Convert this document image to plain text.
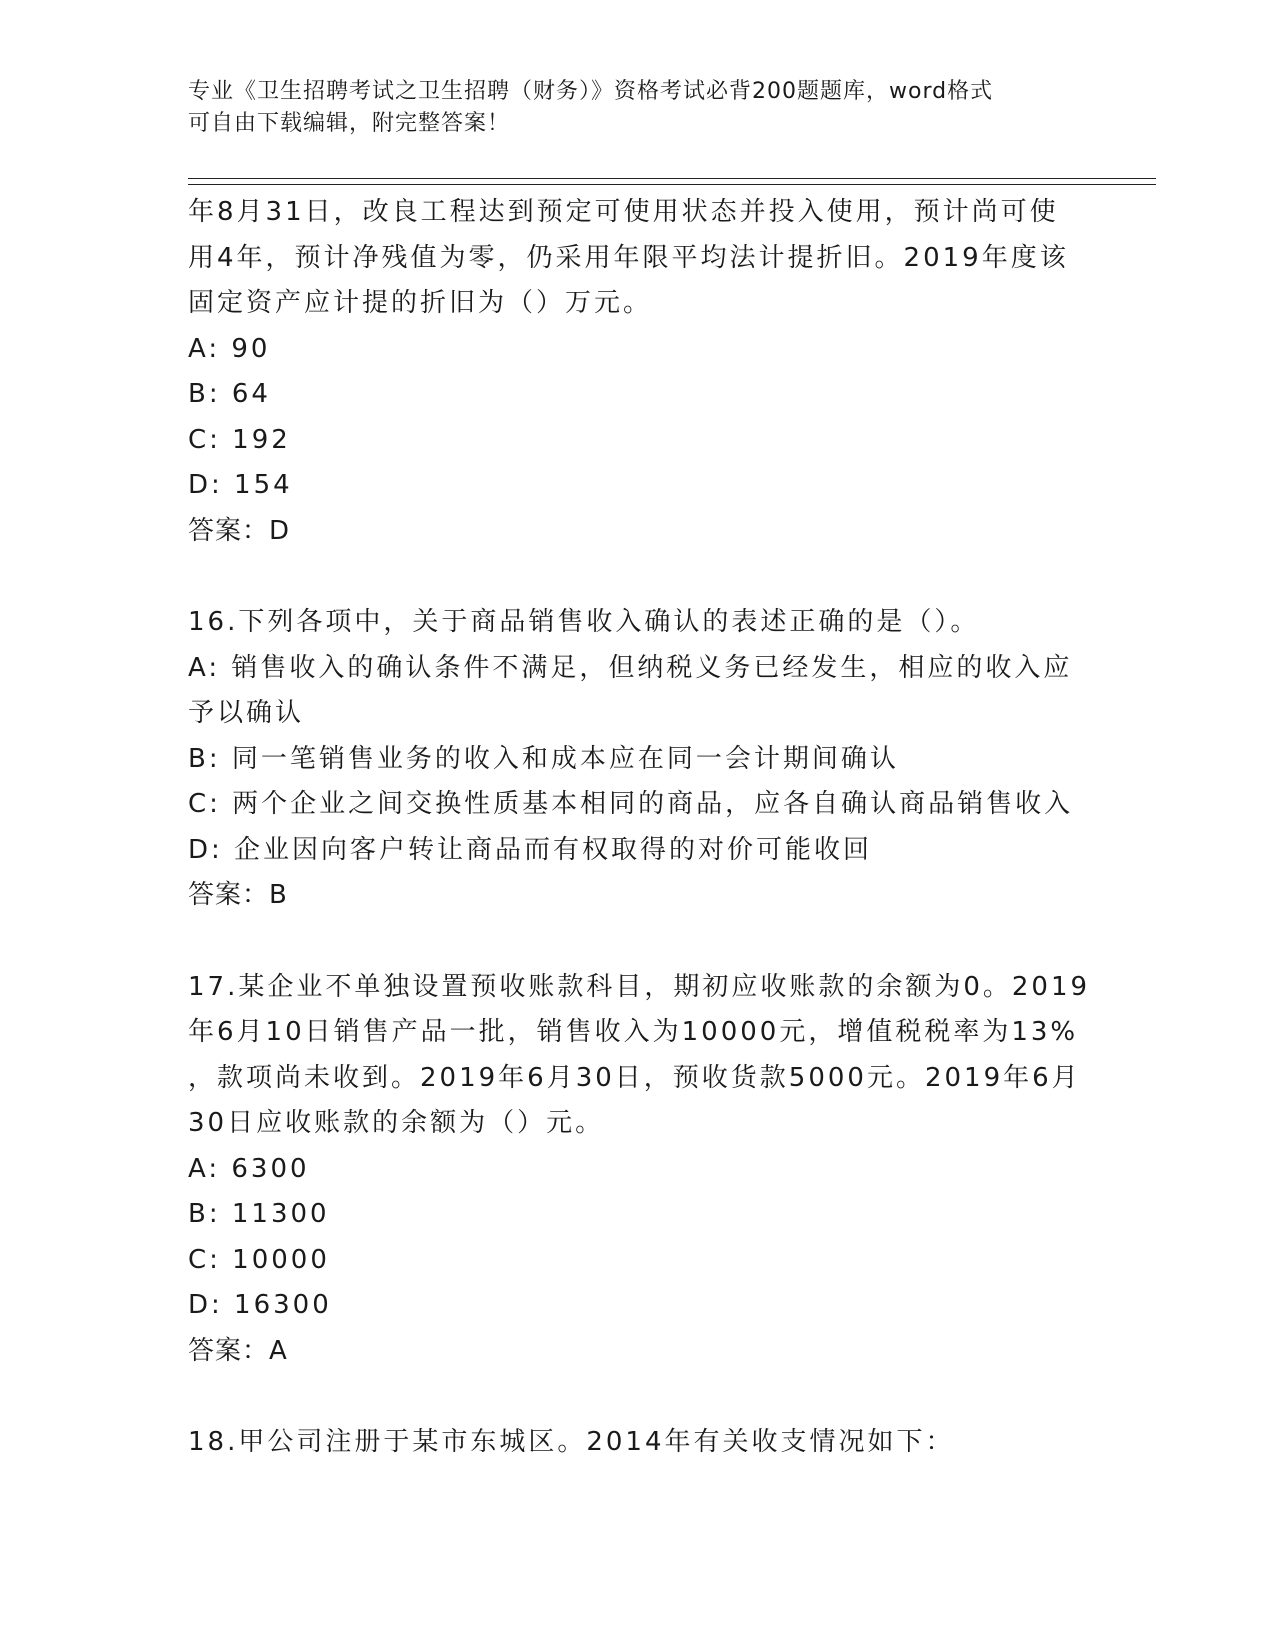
专业《卫生招聘考试之卫生招聘（财务）》资格考试必背200题题库，word格式
可自由下载编辑，附完整答案！
年8月31日，改良工程达到预定可使用状态并投入使用，预计尚可使
用4年，预计净残值为零，仍采用年限平均法计提折旧。2019年度该
固定资产应计提的折旧为（）万元。
A: 90
B: 64
C: 192
D: 154
答案：D
16.下列各项中，关于商品销售收入确认的表述正确的是（）。
A: 销售收入的确认条件不满足，但纳税义务已经发生，相应的收入应
予以确认
B: 同一笔销售业务的收入和成本应在同一会计期间确认
C: 两个企业之间交换性质基本相同的商品，应各自确认商品销售收入
D: 企业因向客户转让商品而有权取得的对价可能收回
答案：B
17.某企业不单独设置预收账款科目，期初应收账款的余额为0。2019
年6月10日销售产品一批，销售收入为10000元，增值税税率为13%
，款项尚未收到。2019年6月30日，预收货款5000元。2019年6月
30日应收账款的余额为（）元。
A: 6300
B: 11300
C: 10000
D: 16300
答案：A
18.甲公司注册于某市东城区。2014年有关收支情况如下：
